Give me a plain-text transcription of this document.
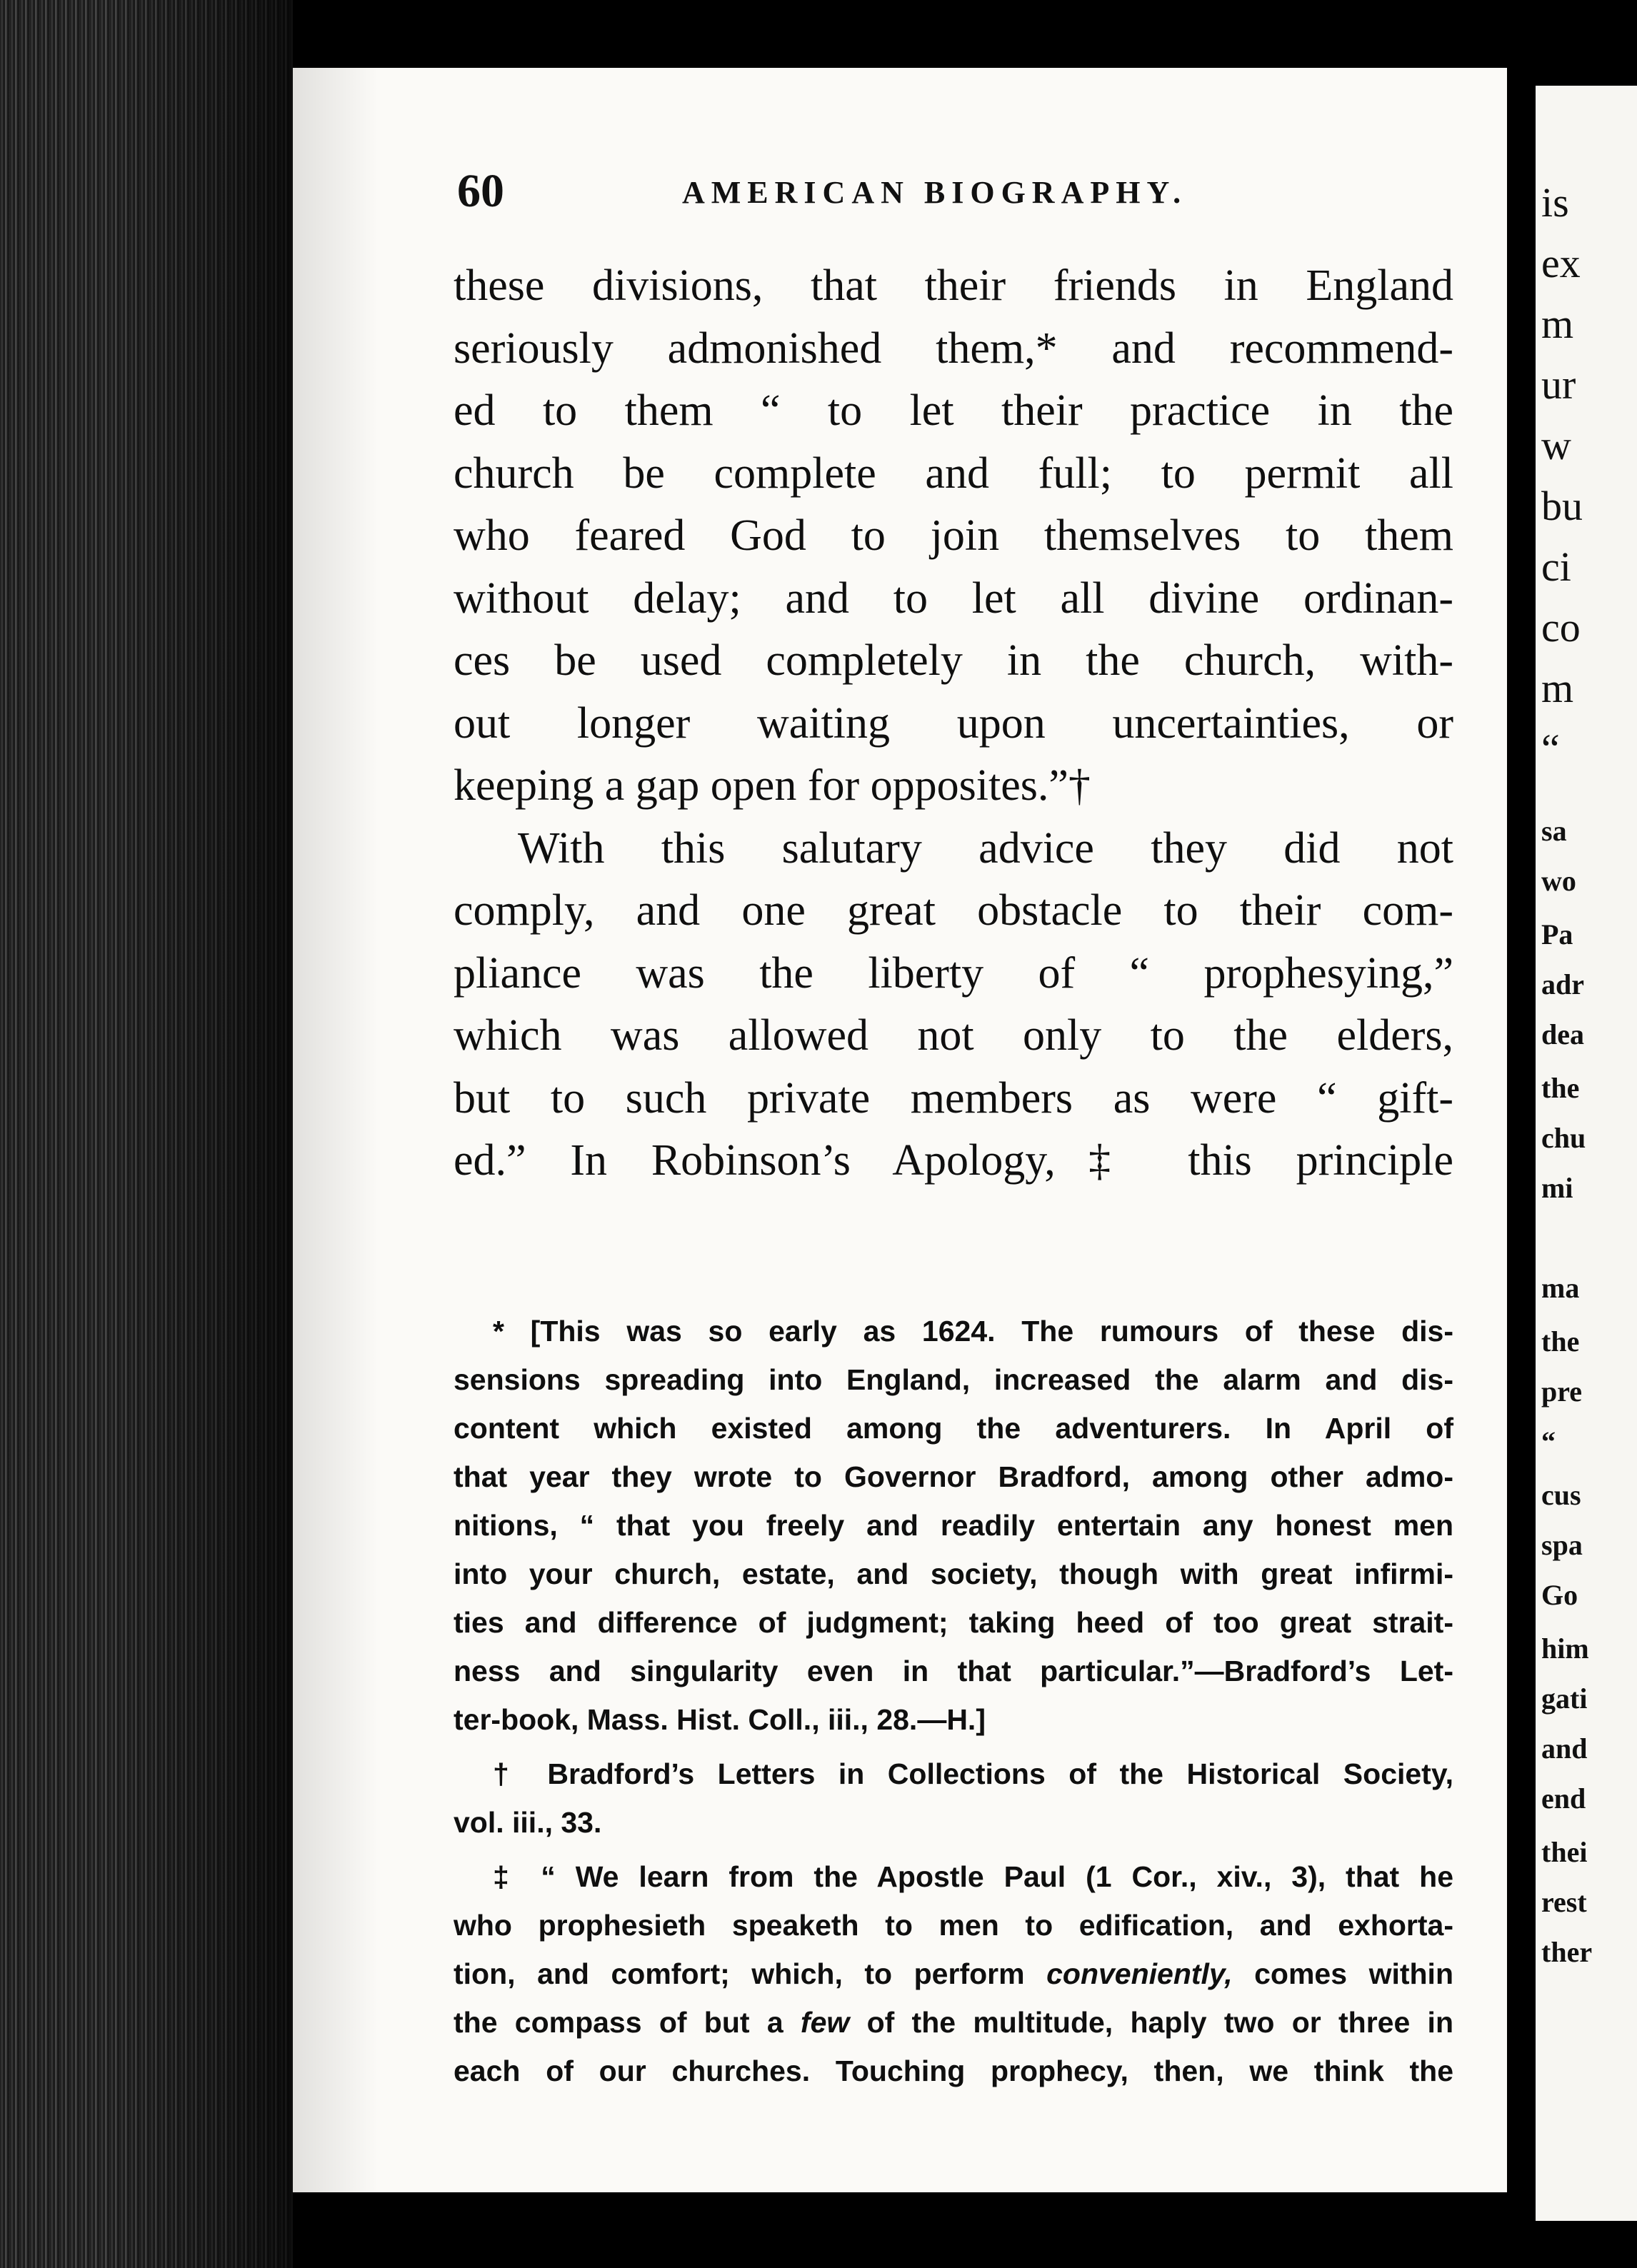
60	AMERICAN BIOGRAPHY.
these divisions, that their friends in England
seriously admonished them,* and recommend-
ed to them “ to let their practice in the
church be complete and full; to permit all
who feared God to join themselves to them
without delay; and to let all divine ordinan-
ces be used completely in the church, with-
out longer waiting upon uncertainties, or
keeping a gap open for opposites.”†
With this salutary advice they did not
comply, and one great obstacle to their com-
pliance was the liberty of “ prophesying,”
which was allowed not only to the elders,
but to such private members as were “ gift-
ed.” In Robinson’s Apology,‡ this principle
* [This was so early as 1624. The rumours of these dis-
sensions spreading into England, increased the alarm and dis-
content which existed among the adventurers. In April of
that year they wrote to Governor Bradford, among other admo-
nitions, “ that you freely and readily entertain any honest men
into your church, estate, and society, though with great infirmi-
ties and difference of judgment; taking heed of too great strait-
ness and singularity even in that particular.”—Bradford’s Let-
ter-book, Mass. Hist. Coll., iii., 28.—H.]
† Bradford’s Letters in Collections of the Historical Society,
vol. iii., 33.
‡ “ We learn from the Apostle Paul (1 Cor., xiv., 3), that he
who prophesieth speaketh to men to edification, and exhorta-
tion, and comfort; which, to perform conveniently, comes within
the compass of but a few of the multitude, haply two or three in
each of our churches. Touching prophecy, then, we think the
is
ex
m
ur
w
bu
ci
co
m
“
sa
wo
Pa
adr
dea
the
chu
mi
ma
the
pre
“
cus
spa
Go
him
gati
and
end
thei
rest
ther
